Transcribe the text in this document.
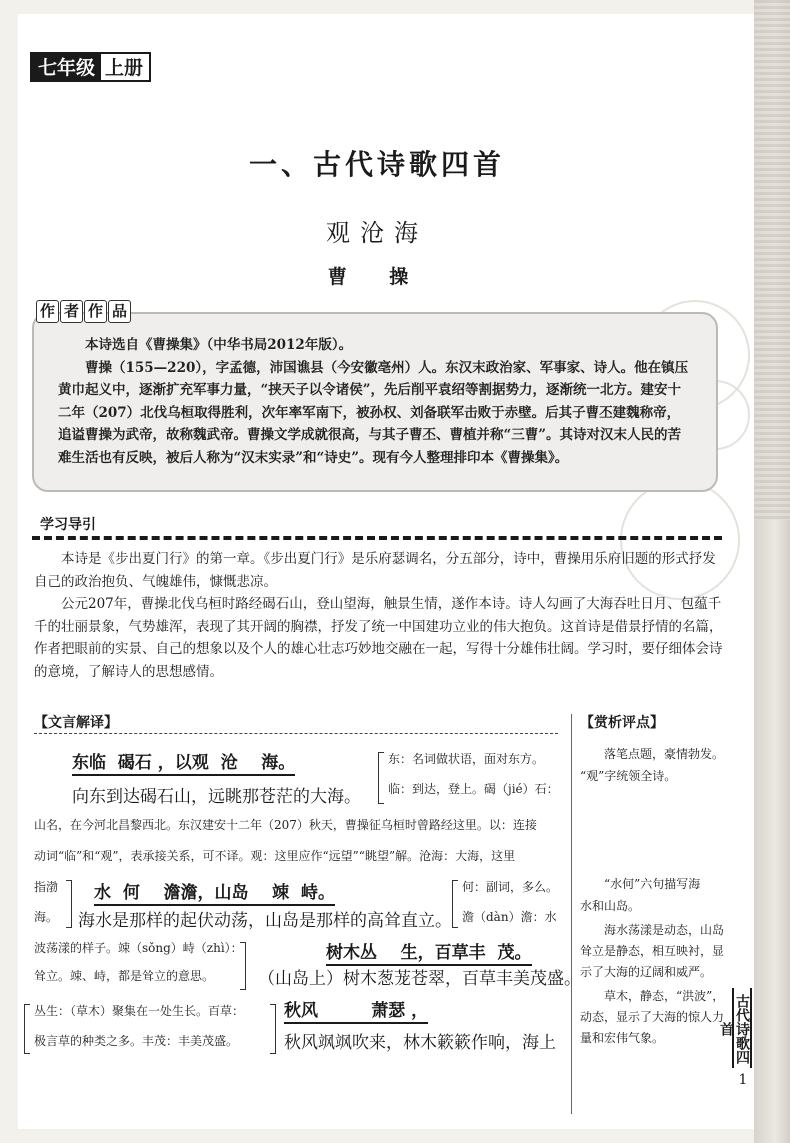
七年级 上册
一、古代诗歌四首
观沧海
曹 操

本诗选自《曹操集》（中华书局2012年版）。

曹操（155—220），字孟德，沛国谯县（今安徽亳州）人。东汉末政治家、军事家、诗人。他在镇压黄巾起义中，逐渐扩充军事力量，“挟天子以令诸侯”，先后削平袁绍等割据势力，逐渐统一北方。建安十二年（207）北伐乌桓取得胜利，次年率军南下，被孙权、刘备联军击败于赤壁。后其子曹丕建魏称帝，追谥曹操为武帝，故称魏武帝。曹操文学成就很高，与其子曹丕、曹植并称“三曹”。其诗对汉末人民的苦难生活也有反映，被后人称为“汉末实录”和“诗史”。现有今人整理排印本《曹操集》。

作 者 作 品
学习导引

本诗是《步出夏门行》的第一章。《步出夏门行》是乐府瑟调名，分五部分，诗中，曹操用乐府旧题的形式抒发自己的政治抱负、气魄雄伟，慷慨悲凉。

公元207年，曹操北伐乌桓时路经碣石山，登山望海，触景生情，遂作本诗。诗人勾画了大海吞吐日月、包蕴千千的壮丽景象，气势雄浑，表现了其开阔的胸襟，抒发了统一中国建功立业的伟大抱负。这首诗是借景抒情的名篇，作者把眼前的实景、自己的想象以及个人的雄心壮志巧妙地交融在一起，写得十分雄伟壮阔。学习时，要仔细体会诗的意境，了解诗人的思想感情。

【文言解译】	【赏析评点】
东临  碣石 ，以观  沧    海。
向东到达碣石山，远眺那苍茫的大海。
东：名词做状语，面对东方。
临：到达，登上。碣（jié）石：
山名，在今河北昌黎西北。东汉建安十二年（207）秋天，曹操征乌桓时曾路经这里。以：连接
动词“临”和“观”，表承接关系，可不译。观：这里应作“远望”“眺望”解。沧海：大海，这里
指渤
海。
水  何    澹澹，山岛    竦  峙。
海水是那样的起伏动荡，山岛是那样的高耸直立。
何：副词，多么。
澹（dàn）澹：水
波荡漾的样子。竦（sǒng）峙（zhì）：
耸立。竦、峙，都是耸立的意思。
树木丛    生，百草丰  茂。
（山岛上）树木葱茏苍翠，百草丰美茂盛。
丛生：（草木）聚集在一处生长。百草：
极言草的种类之多。丰茂：丰美茂盛。
秋风         萧瑟 ，
秋风飒飒吹来，林木簌簌作响，海上
落笔点题，豪情勃发。
“观”字统领全诗。
“水何”六句描写海
水和山岛。
海水荡漾是动态，山岛耸立是静态，相互映衬，显示了大海的辽阔和威严。
草木，静态，“洪波”，动态，显示了大海的惊人力量和宏伟气象。	古代诗歌四首
1
